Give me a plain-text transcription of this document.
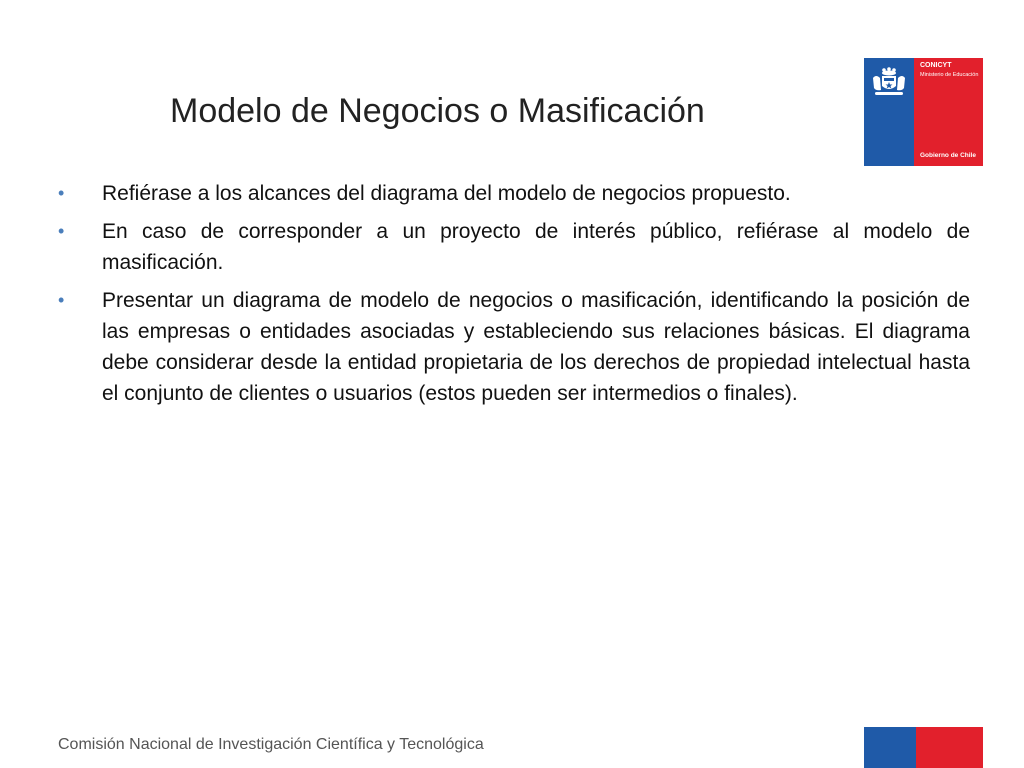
Modelo de Negocios o Masificación
•	Refiérase a los alcances del diagrama del modelo de negocios propuesto.
•	En caso de corresponder a un proyecto de interés público, refiérase al modelo de masificación.
•	Presentar un diagrama de modelo de negocios o masificación, identificando la posición de las empresas o entidades asociadas y estableciendo sus relaciones básicas. El diagrama debe considerar desde la entidad propietaria de los derechos de propiedad intelectual hasta el conjunto de clientes o usuarios (estos pueden ser intermedios o finales).
CONICYT
Ministerio de Educación
Gobierno de Chile
Comisión Nacional de Investigación Científica y Tecnológica
